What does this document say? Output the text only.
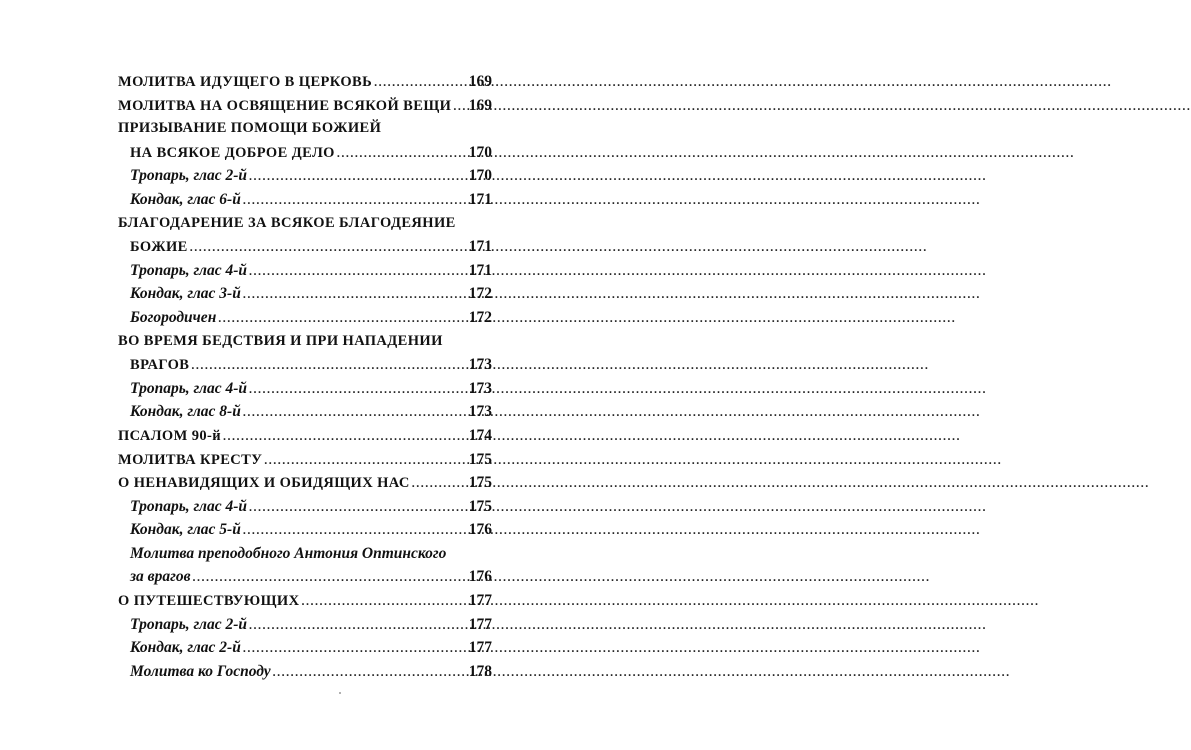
МОЛИТВА ИДУЩЕГО В ЦЕРКОВЬ .....	169
МОЛИТВА НА ОСВЯЩЕНИЕ ВСЯКОЙ ВЕЩИ ..... 169
ПРИЗЫВАНИЕ ПОМОЩИ БОЖИЕЙ
НА ВСЯКОЕ ДОБРОЕ ДЕЛО .....	170
Тропарь, глас 2-й .....	170
Кондак, глас 6-й .....	171
БЛАГОДАРЕНИЕ ЗА ВСЯКОЕ БЛАГОДЕЯНИЕ
БОЖИЕ .....	171
Тропарь, глас 4-й .....	171
Кондак, глас 3-й .....	172
Богородичен .....	172
ВО ВРЕМЯ БЕДСТВИЯ И ПРИ НАПАДЕНИИ
ВРАГОВ .....	173
Тропарь, глас 4-й .....	173
Кондак, глас 8-й .....	173
ПСАЛОМ 90-й .....	174
МОЛИТВА КРЕСТУ .....	175
О НЕНАВИДЯЩИХ И ОБИДЯЩИХ НАС .....	175
Тропарь, глас 4-й .....	175
Кондак, глас 5-й .....	176
Молитва преподобного Антония Оптинского
за врагов .....	176
О ПУТЕШЕСТВУЮЩИХ .....	177
Тропарь, глас 2-й .....	177
Кондак, глас 2-й .....	177
Молитва ко Господу .....	178
